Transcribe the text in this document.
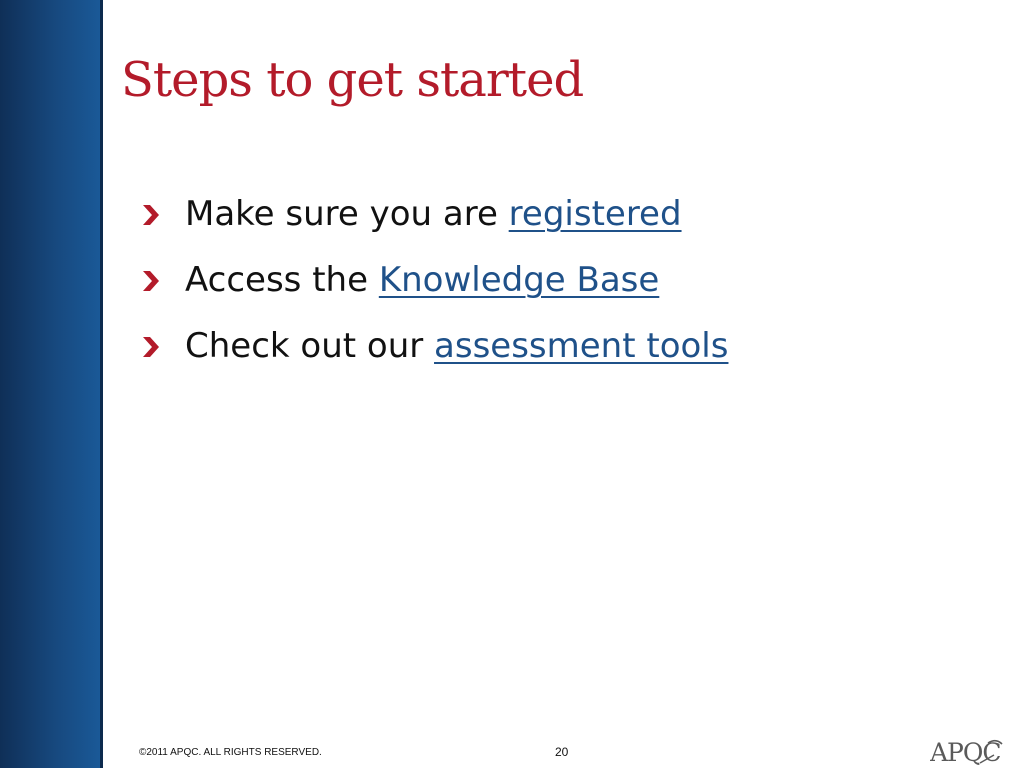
Steps to get started
Make sure you are registered
Access the Knowledge Base
Check out our assessment tools
©2011 APQC. ALL RIGHTS RESERVED.	20	APQC
